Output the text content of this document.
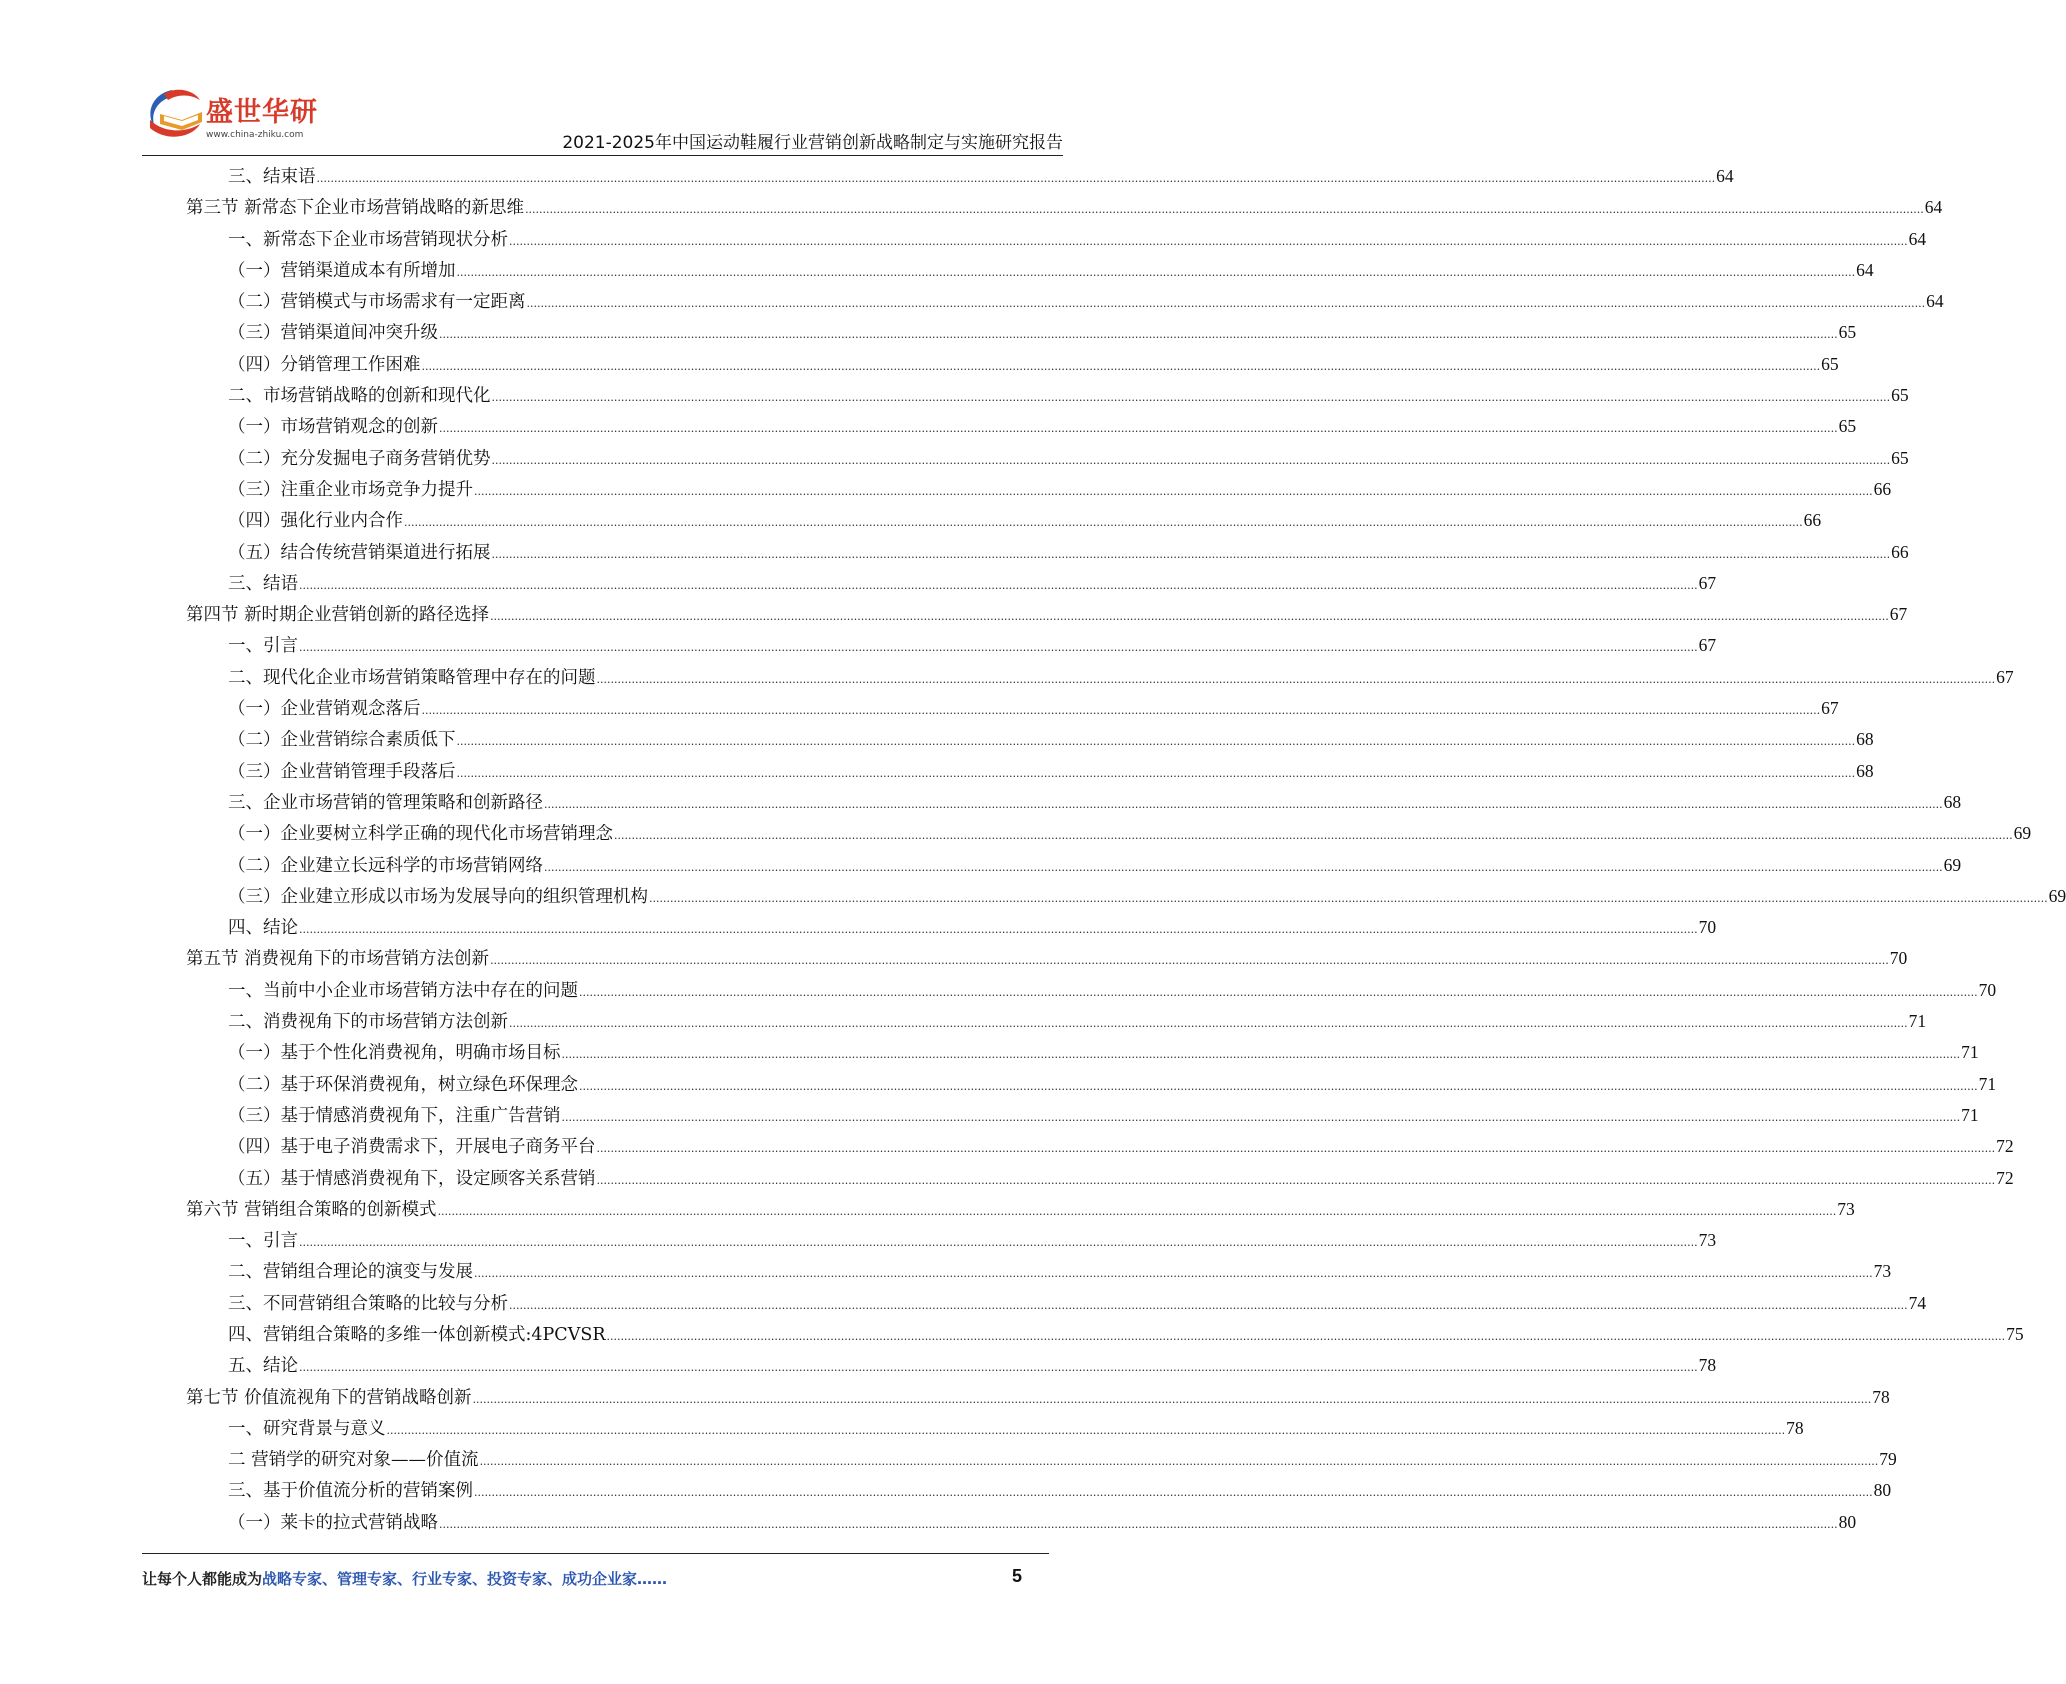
盛世华研
www.china-zhiku.com	2021-2025年中国运动鞋履行业营销创新战略制定与实施研究报告
三、结束语 ................................................................................................................................................................................................................................................................................................................................................................................................................ 64
第三节 新常态下企业市场营销战略的新思维 ................................................................................................................................................................................................................................................................................................................................................................................................................ 64
一、新常态下企业市场营销现状分析 ................................................................................................................................................................................................................................................................................................................................................................................................................ 64
（一）营销渠道成本有所增加 ................................................................................................................................................................................................................................................................................................................................................................................................................ 64
（二）营销模式与市场需求有一定距离 ................................................................................................................................................................................................................................................................................................................................................................................................................ 64
（三）营销渠道间冲突升级 ................................................................................................................................................................................................................................................................................................................................................................................................................ 65
（四）分销管理工作困难 ................................................................................................................................................................................................................................................................................................................................................................................................................ 65
二、市场营销战略的创新和现代化 ................................................................................................................................................................................................................................................................................................................................................................................................................ 65
（一）市场营销观念的创新 ................................................................................................................................................................................................................................................................................................................................................................................................................ 65
（二）充分发掘电子商务营销优势 ................................................................................................................................................................................................................................................................................................................................................................................................................ 65
（三）注重企业市场竞争力提升 ................................................................................................................................................................................................................................................................................................................................................................................................................ 66
（四）强化行业内合作 ................................................................................................................................................................................................................................................................................................................................................................................................................ 66
（五）结合传统营销渠道进行拓展 ................................................................................................................................................................................................................................................................................................................................................................................................................ 66
三、结语 ................................................................................................................................................................................................................................................................................................................................................................................................................ 67
第四节 新时期企业营销创新的路径选择 ................................................................................................................................................................................................................................................................................................................................................................................................................ 67
一、引言 ................................................................................................................................................................................................................................................................................................................................................................................................................ 67
二、现代化企业市场营销策略管理中存在的问题 ................................................................................................................................................................................................................................................................................................................................................................................................................ 67
（一）企业营销观念落后 ................................................................................................................................................................................................................................................................................................................................................................................................................ 67
（二）企业营销综合素质低下 ................................................................................................................................................................................................................................................................................................................................................................................................................ 68
（三）企业营销管理手段落后 ................................................................................................................................................................................................................................................................................................................................................................................................................ 68
三、企业市场营销的管理策略和创新路径 ................................................................................................................................................................................................................................................................................................................................................................................................................ 68
（一）企业要树立科学正确的现代化市场营销理念 ................................................................................................................................................................................................................................................................................................................................................................................................................ 69
（二）企业建立长远科学的市场营销网络 ................................................................................................................................................................................................................................................................................................................................................................................................................ 69
（三）企业建立形成以市场为发展导向的组织管理机构 ................................................................................................................................................................................................................................................................................................................................................................................................................ 69
四、结论 ................................................................................................................................................................................................................................................................................................................................................................................................................ 70
第五节 消费视角下的市场营销方法创新 ................................................................................................................................................................................................................................................................................................................................................................................................................ 70
一、当前中小企业市场营销方法中存在的问题 ................................................................................................................................................................................................................................................................................................................................................................................................................ 70
二、消费视角下的市场营销方法创新 ................................................................................................................................................................................................................................................................................................................................................................................................................ 71
（一）基于个性化消费视角，明确市场目标 ................................................................................................................................................................................................................................................................................................................................................................................................................ 71
（二）基于环保消费视角，树立绿色环保理念 ................................................................................................................................................................................................................................................................................................................................................................................................................ 71
（三）基于情感消费视角下，注重广告营销 ................................................................................................................................................................................................................................................................................................................................................................................................................ 71
（四）基于电子消费需求下，开展电子商务平台 ................................................................................................................................................................................................................................................................................................................................................................................................................ 72
（五）基于情感消费视角下，设定顾客关系营销 ................................................................................................................................................................................................................................................................................................................................................................................................................ 72
第六节 营销组合策略的创新模式 ................................................................................................................................................................................................................................................................................................................................................................................................................ 73
一、引言 ................................................................................................................................................................................................................................................................................................................................................................................................................ 73
二、营销组合理论的演变与发展 ................................................................................................................................................................................................................................................................................................................................................................................................................ 73
三、不同营销组合策略的比较与分析 ................................................................................................................................................................................................................................................................................................................................................................................................................ 74
四、营销组合策略的多维一体创新模式:4PCVSR ................................................................................................................................................................................................................................................................................................................................................................................................................ 75
五、结论 ................................................................................................................................................................................................................................................................................................................................................................................................................ 78
第七节 价值流视角下的营销战略创新 ................................................................................................................................................................................................................................................................................................................................................................................................................ 78
一、研究背景与意义 ................................................................................................................................................................................................................................................................................................................................................................................................................ 78
二 营销学的研究对象——价值流 ................................................................................................................................................................................................................................................................................................................................................................................................................ 79
三、基于价值流分析的营销案例 ................................................................................................................................................................................................................................................................................................................................................................................................................ 80
（一）莱卡的拉式营销战略 ................................................................................................................................................................................................................................................................................................................................................................................................................ 80
让每个人都能成为战略专家、管理专家、行业专家、投资专家、成功企业家……	5
